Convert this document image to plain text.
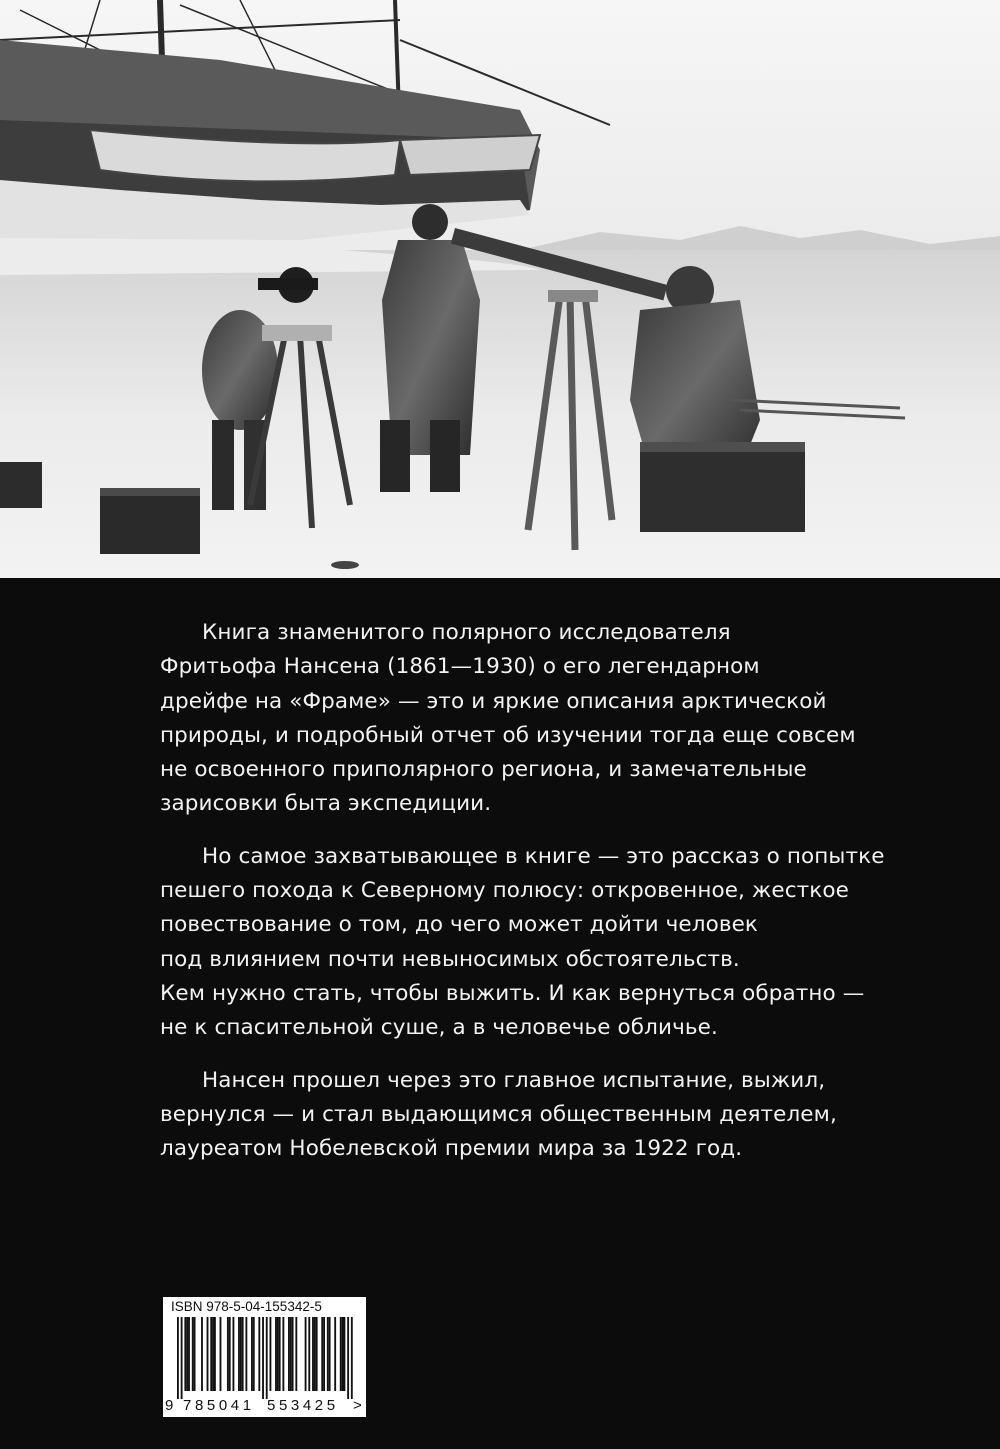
Книга знаменитого полярного исследователя
Фритьофа Нансена (1861—1930) о его легендарном
дрейфе на «Фраме» — это и яркие описания арктической
природы, и подробный отчет об изучении тогда еще совсем
не освоенного приполярного региона, и замечательные
зарисовки быта экспедиции.

Но самое захватывающее в книге — это рассказ о попытке
пешего похода к Северному полюсу: откровенное, жесткое
повествование о том, до чего может дойти человек
под влиянием почти невыносимых обстоятельств.
Кем нужно стать, чтобы выжить. И как вернуться обратно —
не к спасительной суше, а в человечье обличье.

Нансен прошел через это главное испытание, выжил,
вернулся — и стал выдающимся общественным деятелем,
лауреатом Нобелевской премии мира за 1922 год.

ISBN 978-5-04-155342-5
9 785041 553425 >
